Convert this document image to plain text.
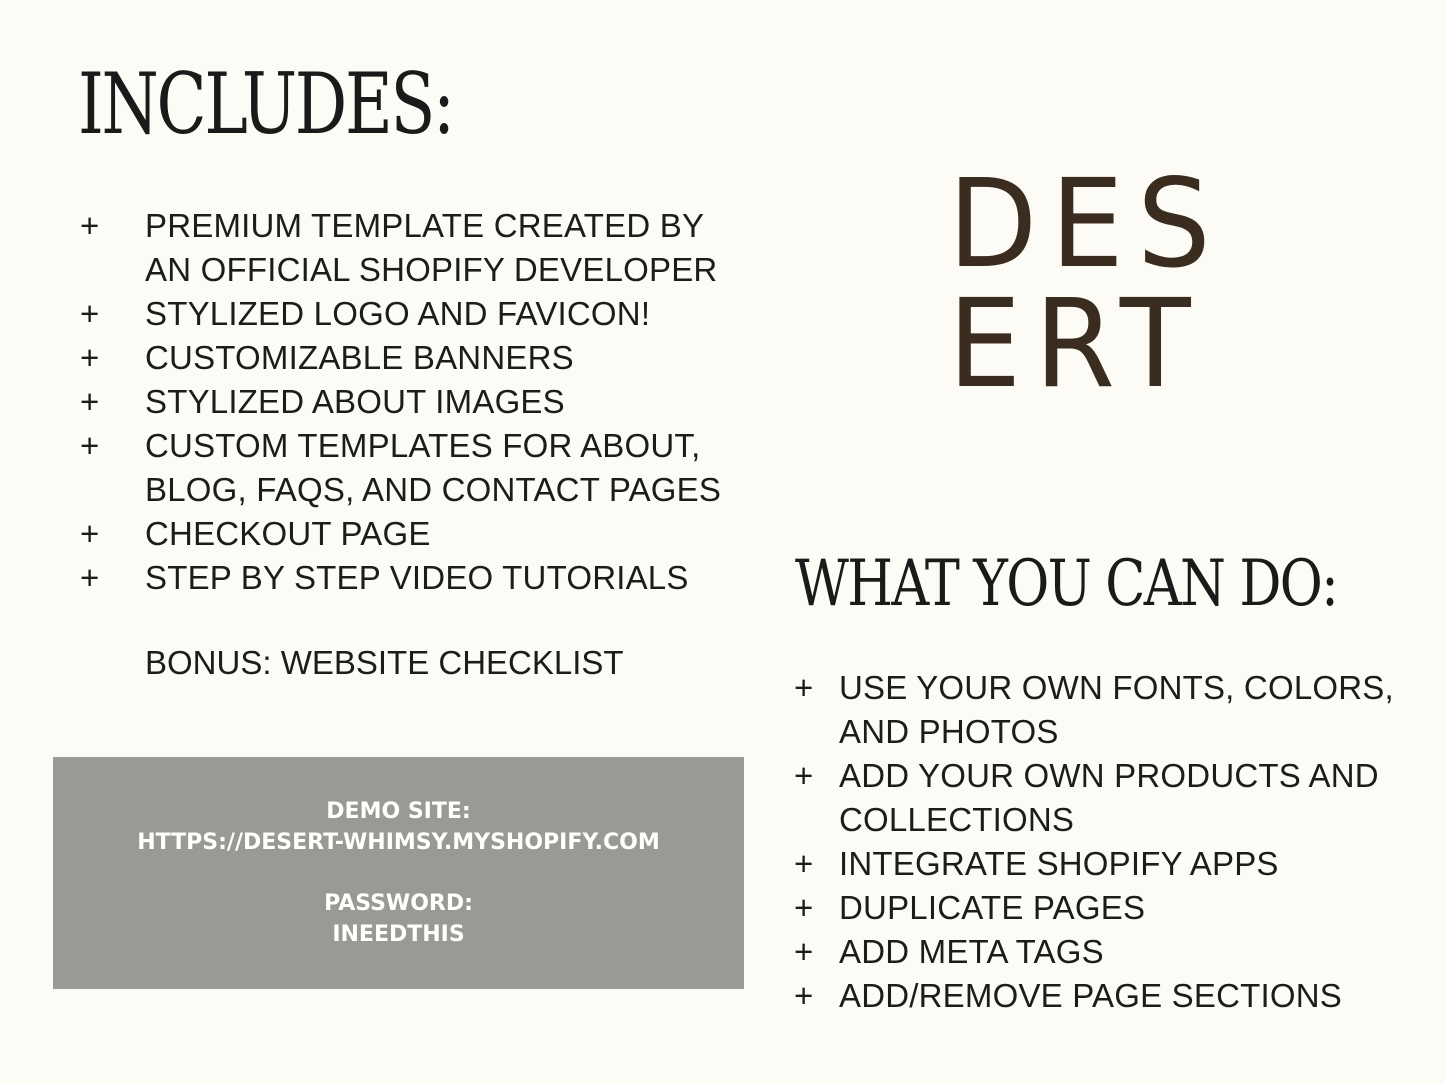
INCLUDES:
+ PREMIUM TEMPLATE CREATED BY
AN OFFICIAL SHOPIFY DEVELOPER
+ STYLIZED LOGO AND FAVICON!
+ CUSTOMIZABLE BANNERS
+ STYLIZED ABOUT IMAGES
+ CUSTOM TEMPLATES FOR ABOUT,
BLOG, FAQS, AND CONTACT PAGES
+ CHECKOUT PAGE
+ STEP BY STEP VIDEO TUTORIALS
BONUS: WEBSITE CHECKLIST
DEMO SITE:
HTTPS://DESERT-WHIMSY.MYSHOPIFY.COM
PASSWORD:
INEEDTHIS
DES
ERT
WHAT YOU CAN DO:
+ USE YOUR OWN FONTS, COLORS,
AND PHOTOS
+ ADD YOUR OWN PRODUCTS AND
COLLECTIONS
+ INTEGRATE SHOPIFY APPS
+ DUPLICATE PAGES
+ ADD META TAGS
+ ADD/REMOVE PAGE SECTIONS
